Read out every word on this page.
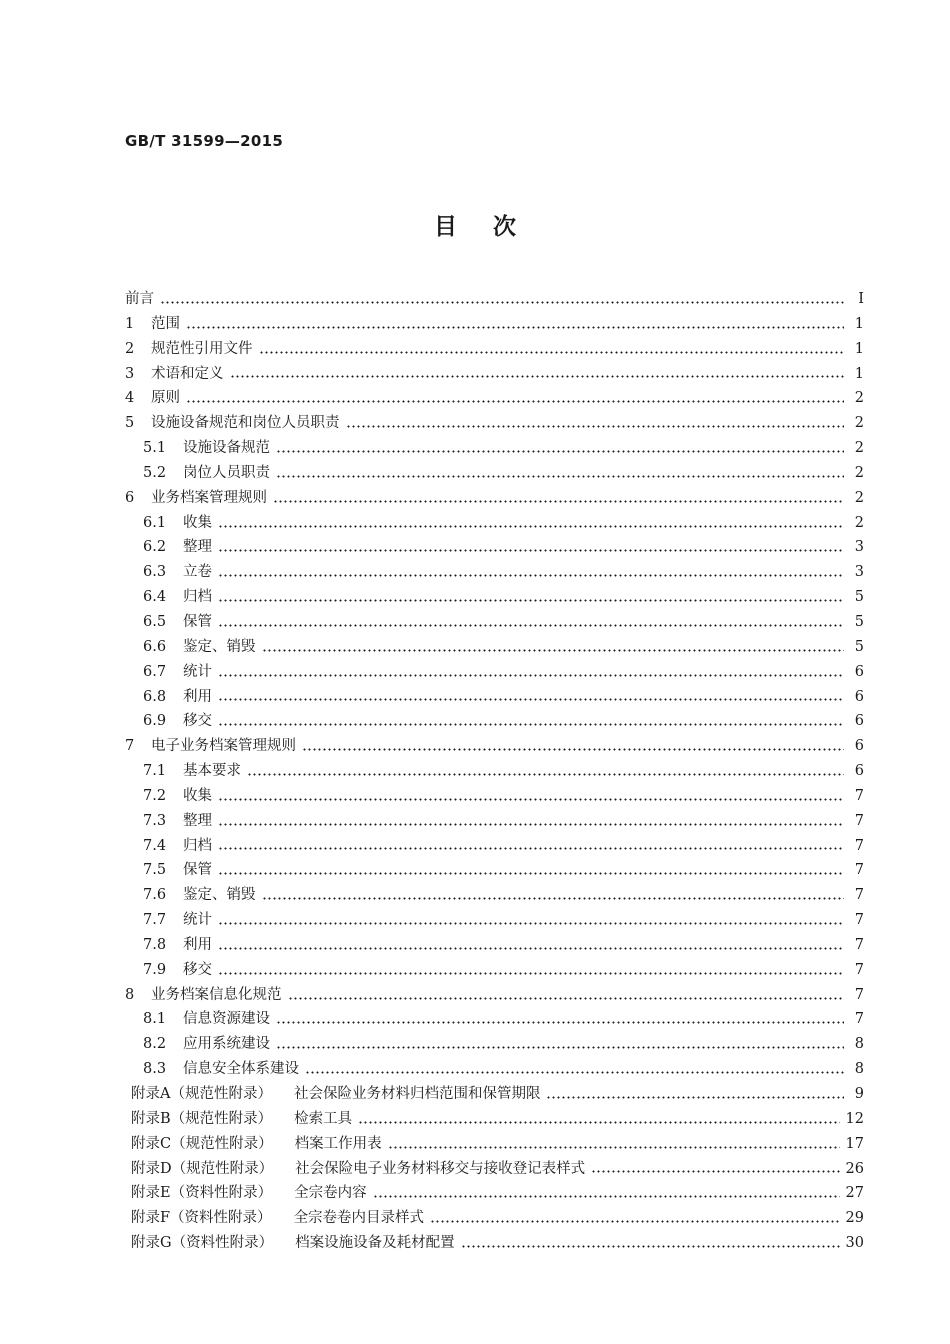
GB/T 31599—2015
目次
前言	Ⅰ
1	范围	1
2	规范性引用文件	1
3	术语和定义	1
4	原则	2
5	设施设备规范和岗位人员职责	2
5.1	设施设备规范	2
5.2	岗位人员职责	2
6	业务档案管理规则	2
6.1	收集	2
6.2	整理	3
6.3	立卷	3
6.4	归档	5
6.5	保管	5
6.6	鉴定、销毁	5
6.7	统计	6
6.8	利用	6
6.9	移交	6
7	电子业务档案管理规则	6
7.1	基本要求	6
7.2	收集	7
7.3	整理	7
7.4	归档	7
7.5	保管	7
7.6	鉴定、销毁	7
7.7	统计	7
7.8	利用	7
7.9	移交	7
8	业务档案信息化规范	7
8.1	信息资源建设	7
8.2	应用系统建设	8
8.3	信息安全体系建设	8
附录A（规范性附录） 社会保险业务材料归档范围和保管期限	9
附录B（规范性附录） 检索工具	12
附录C（规范性附录） 档案工作用表	17
附录D（规范性附录） 社会保险电子业务材料移交与接收登记表样式	26
附录E（资料性附录） 全宗卷内容	27
附录F（资料性附录） 全宗卷卷内目录样式	29
附录G（资料性附录） 档案设施设备及耗材配置	30
